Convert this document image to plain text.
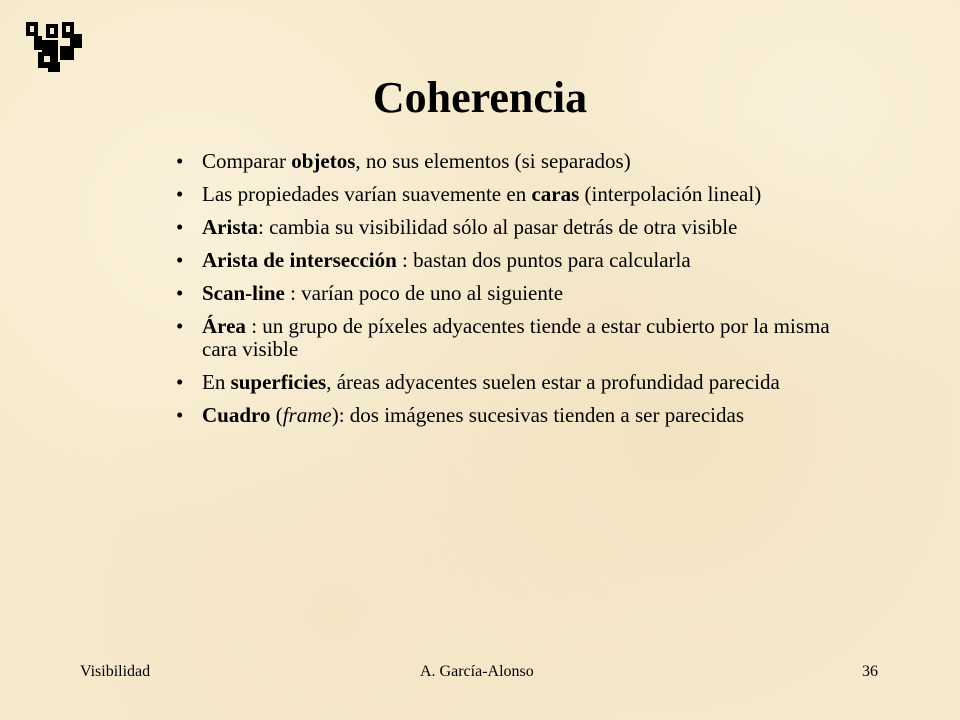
Coherencia
• Comparar objetos, no sus elementos (si separados)
• Las propiedades varían suavemente en caras (interpolación lineal)
• Arista: cambia su visibilidad sólo al pasar detrás de otra visible
• Arista de intersección : bastan dos puntos para calcularla
• Scan-line : varían poco de uno al siguiente
• Área : un grupo de píxeles adyacentes tiende a estar cubierto por la misma cara visible
• En superficies, áreas adyacentes suelen estar a profundidad parecida
• Cuadro (frame): dos imágenes sucesivas tienden a ser parecidas
Visibilidad	A. García-Alonso	36
